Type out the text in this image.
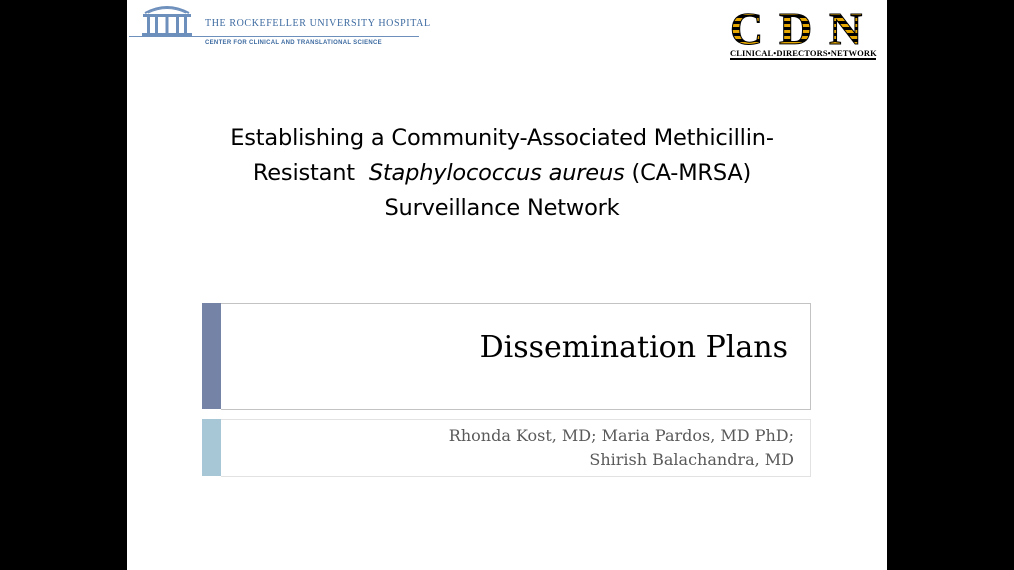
THE ROCKEFELLER UNIVERSITY HOSPITAL
CENTER FOR CLINICAL AND TRANSLATIONAL SCIENCE	C D N
CLINICAL•DIRECTORS•NETWORK
Establishing a Community-Associated Methicillin-
Resistant  Staphylococcus aureus (CA-MRSA)
Surveillance Network
Dissemination Plans
Rhonda Kost, MD; Maria Pardos, MD PhD;
Shirish Balachandra, MD
